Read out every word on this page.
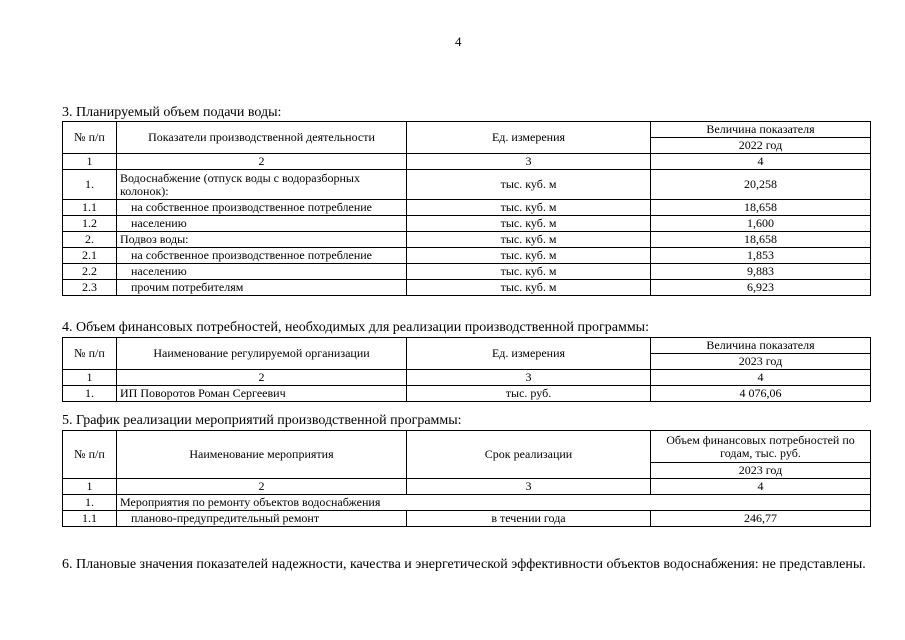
4
3. Планируемый объем подачи воды:
№ п/п	Показатели производственной деятельности	Ед. измерения	Величина показателя
			2022 год
1	2	3	4
1.	Водоснабжение (отпуск воды с водоразборных колонок):	тыс. куб. м	20,258
1.1	на собственное производственное потребление	тыс. куб. м	18,658
1.2	населению	тыс. куб. м	1,600
2.	Подвоз воды:	тыс. куб. м	18,658
2.1	на собственное производственное потребление	тыс. куб. м	1,853
2.2	населению	тыс. куб. м	9,883
2.3	прочим потребителям	тыс. куб. м	6,923
4. Объем финансовых потребностей, необходимых для реализации производственной программы:
№ п/п	Наименование регулируемой организации	Ед. измерения	Величина показателя
			2023 год
1	2	3	4
1.	ИП Поворотов Роман Сергеевич	тыс. руб.	4 076,06
5. График реализации мероприятий производственной программы:
№ п/п	Наименование мероприятия	Срок реализации	Объем финансовых потребностей по годам, тыс. руб.
			2023 год
1	2	3	4
1.	Мероприятия по ремонту объектов водоснабжения		
1.1	планово-предупредительный ремонт	в течении года	246,77
6. Плановые значения показателей надежности, качества и энергетической эффективности объектов водоснабжения: не представлены.
